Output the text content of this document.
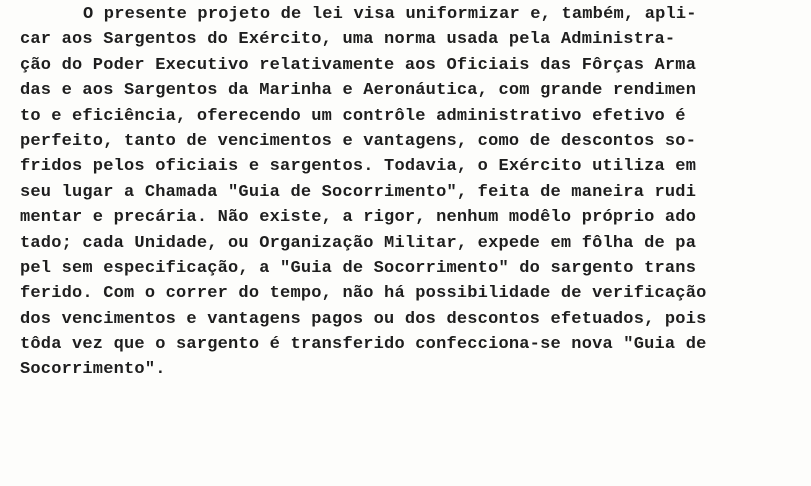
O presente projeto de lei visa uniformizar e, também, apli-
car aos Sargentos do Exército, uma norma usada pela Administra-
ção do Poder Executivo relativamente aos Oficiais das Fôrças Arma
das e aos Sargentos da Marinha e Aeronáutica, com grande rendimen
to e eficiência, oferecendo um contrôle administrativo efetivo é
perfeito, tanto de vencimentos e vantagens, como de descontos so-
fridos pelos oficiais e sargentos. Todavia, o Exército utiliza em
seu lugar a Chamada "Guia de Socorrimento", feita de maneira rudi
mentar e precária. Não existe, a rigor, nenhum modêlo próprio ado
tado; cada Unidade, ou Organização Militar, expede em fôlha de pa
pel sem especificação, a "Guia de Socorrimento" do sargento trans
ferido. Com o correr do tempo, não há possibilidade de verificação
dos vencimentos e vantagens pagos ou dos descontos efetuados, pois
tôda vez que o sargento é transferido confecciona-se nova "Guia de
Socorrimento".
